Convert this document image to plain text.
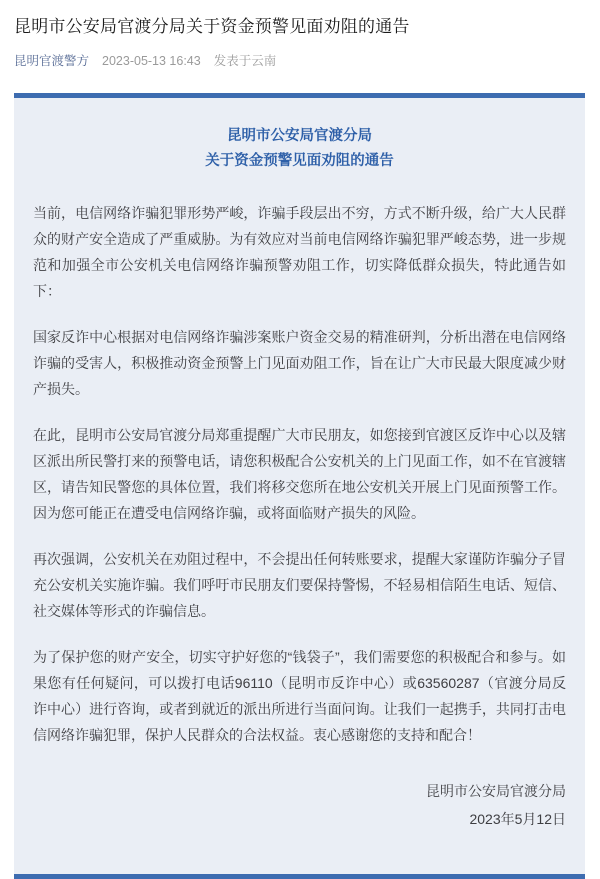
昆明市公安局官渡分局关于资金预警见面劝阻的通告
昆明官渡警方 2023-05-13 16:43 发表于云南
昆明市公安局官渡分局
关于资金预警见面劝阻的通告

当前，电信网络诈骗犯罪形势严峻，诈骗手段层出不穷，方式不断升级，给广大人民群众的财产安全造成了严重威胁。为有效应对当前电信网络诈骗犯罪严峻态势，进一步规范和加强全市公安机关电信网络诈骗预警劝阻工作，切实降低群众损失，特此通告如下：

国家反诈中心根据对电信网络诈骗涉案账户资金交易的精准研判，分析出潜在电信网络诈骗的受害人，积极推动资金预警上门见面劝阻工作，旨在让广大市民最大限度减少财产损失。

在此，昆明市公安局官渡分局郑重提醒广大市民朋友，如您接到官渡区反诈中心以及辖区派出所民警打来的预警电话，请您积极配合公安机关的上门见面工作，如不在官渡辖区，请告知民警您的具体位置，我们将移交您所在地公安机关开展上门见面预警工作。因为您可能正在遭受电信网络诈骗，或将面临财产损失的风险。

再次强调，公安机关在劝阻过程中，不会提出任何转账要求，提醒大家谨防诈骗分子冒充公安机关实施诈骗。我们呼吁市民朋友们要保持警惕，不轻易相信陌生电话、短信、社交媒体等形式的诈骗信息。

为了保护您的财产安全，切实守护好您的“钱袋子”，我们需要您的积极配合和参与。如果您有任何疑问，可以拨打电话96110（昆明市反诈中心）或63560287（官渡分局反诈中心）进行咨询，或者到就近的派出所进行当面问询。让我们一起携手，共同打击电信网络诈骗犯罪，保护人民群众的合法权益。衷心感谢您的支持和配合！

昆明市公安局官渡分局
2023年5月12日
